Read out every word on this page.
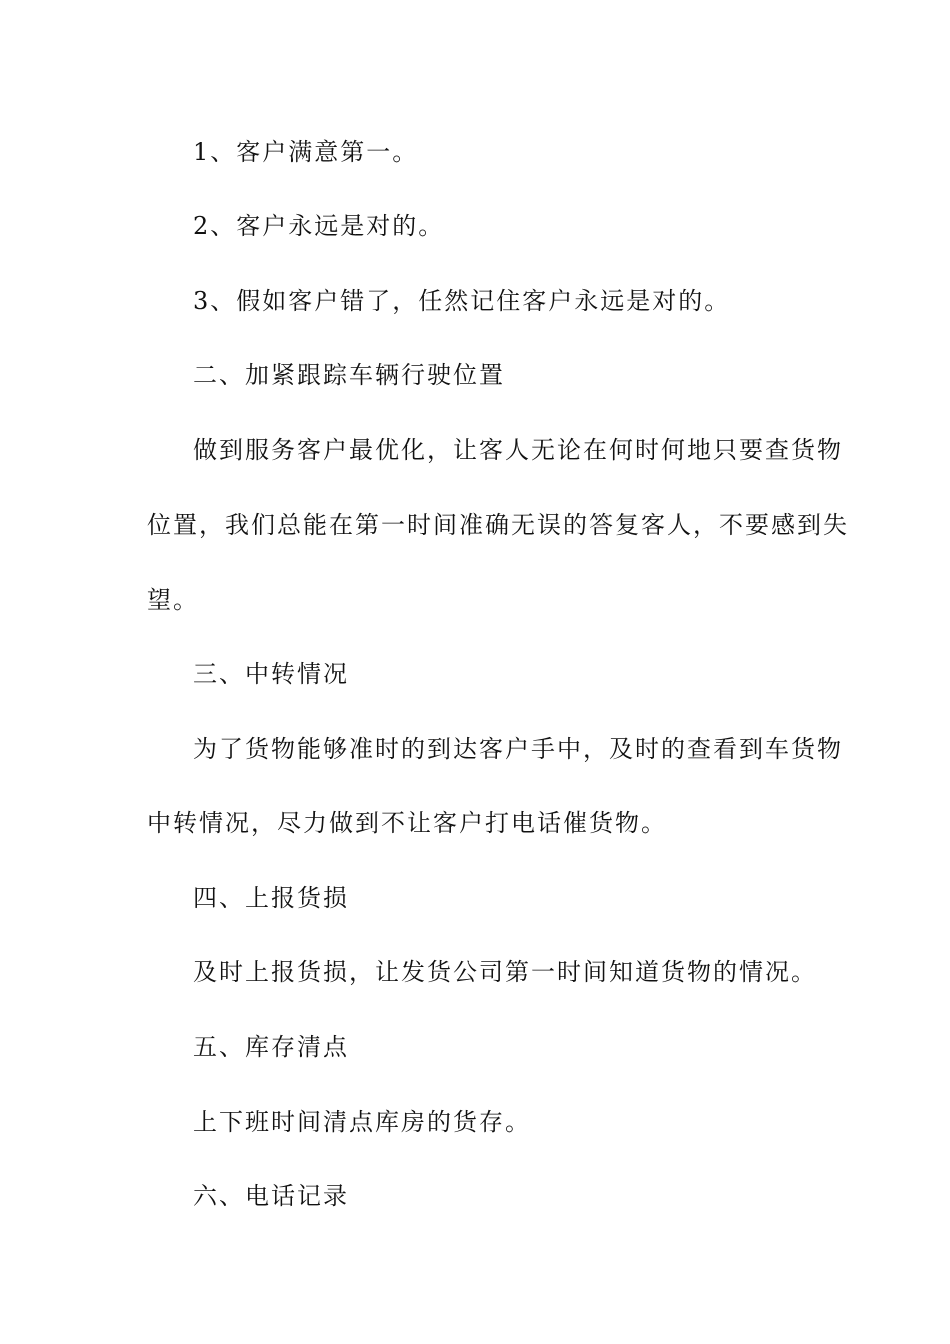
1、客户满意第一。
2、客户永远是对的。
3、假如客户错了，任然记住客户永远是对的。
二、加紧跟踪车辆行驶位置
做到服务客户最优化，让客人无论在何时何地只要查货物
位置，我们总能在第一时间准确无误的答复客人，不要感到失
望。
三、中转情况
为了货物能够准时的到达客户手中，及时的查看到车货物
中转情况，尽力做到不让客户打电话催货物。
四、上报货损
及时上报货损，让发货公司第一时间知道货物的情况。
五、库存清点
上下班时间清点库房的货存。
六、电话记录
